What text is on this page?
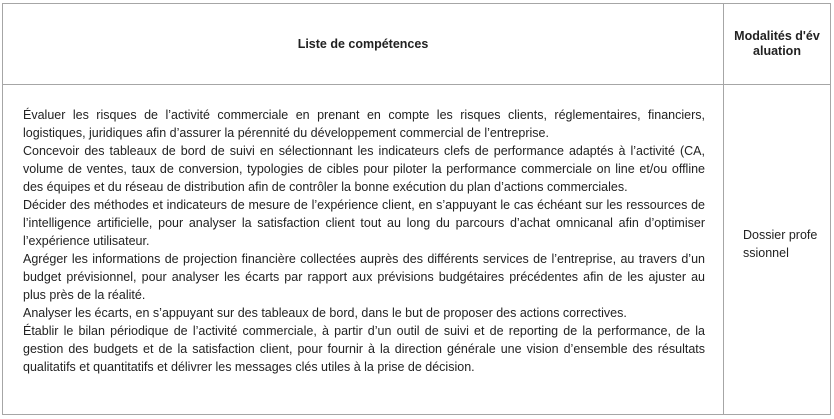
Liste de compétences
Modalités d'évaluation

Évaluer les risques de l’activité commerciale en prenant en compte les risques clients, réglementaires, financiers, logistiques, juridiques afin d’assurer la pérennité du développement commercial de l’entreprise.

Concevoir des tableaux de bord de suivi en sélectionnant les indicateurs clefs de performance adaptés à l’activité (CA, volume de ventes, taux de conversion, typologies de cibles pour piloter la performance commerciale on line et/ou offline des équipes et du réseau de distribution afin de contrôler la bonne exécution du plan d’actions commerciales.

Décider des méthodes et indicateurs de mesure de l’expérience client, en s’appuyant le cas échéant sur les ressources de l’intelligence artificielle, pour analyser la satisfaction client tout au long du parcours d’achat omnicanal afin d’optimiser l’expérience utilisateur.

Agréger les informations de projection financière collectées auprès des différents services de l’entreprise, au travers d’un budget prévisionnel, pour analyser les écarts par rapport aux prévisions budgétaires précédentes afin de les ajuster au plus près de la réalité.

Analyser les écarts, en s’appuyant sur des tableaux de bord, dans le but de proposer des actions correctives.

Établir le bilan périodique de l’activité commerciale, à partir d’un outil de suivi et de reporting de la performance, de la gestion des budgets et de la satisfaction client, pour fournir à la direction générale une vision d’ensemble des résultats qualitatifs et quantitatifs et délivrer les messages clés utiles à la prise de décision.

Dossier professionnel
